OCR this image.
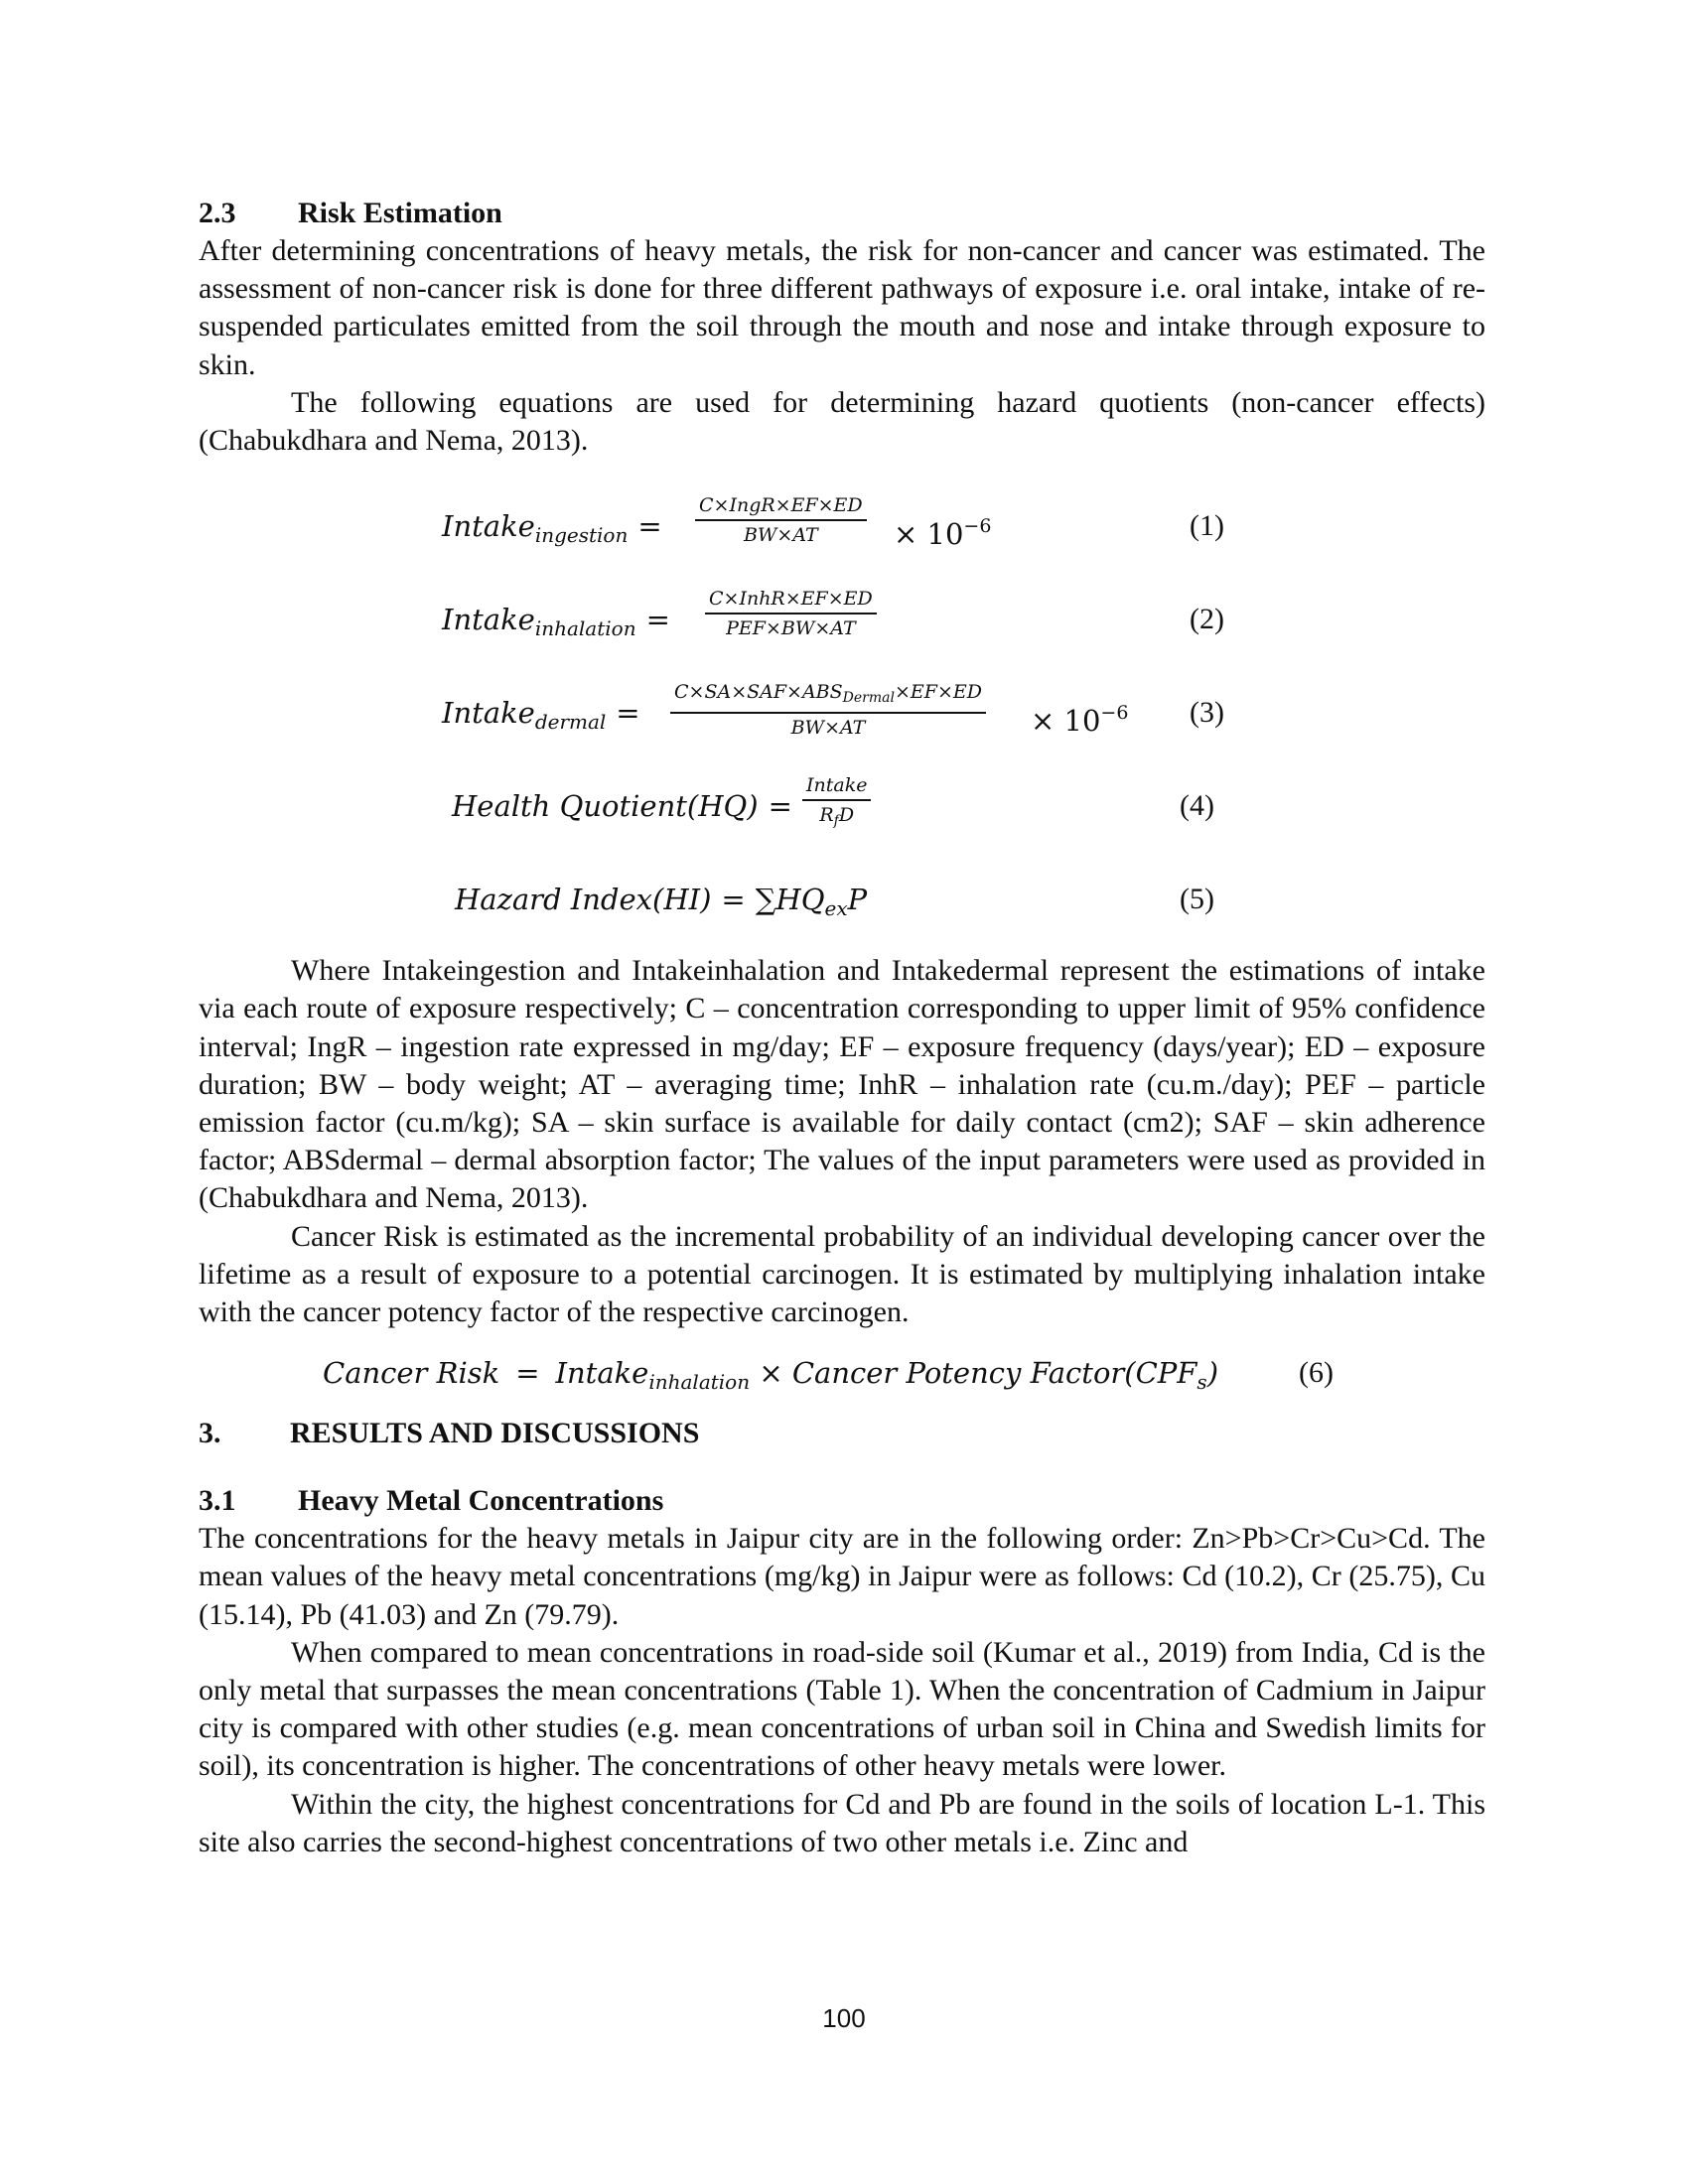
2.3	Risk Estimation

After determining concentrations of heavy metals, the risk for non-cancer and cancer was estimated. The assessment of non-cancer risk is done for three different pathways of exposure i.e. oral intake, intake of re-suspended particulates emitted from the soil through the mouth and nose and intake through exposure to skin.

The following equations are used for determining hazard quotients (non-cancer effects) (Chabukdhara and Nema, 2013).

Intake$_{ingestion}$ =
C×IngR×EF×ED
BW×AT	× $10^{-6}$	(1)
Intake$_{inhalation}$ =
C×InhR×EF×ED
PEF×BW×AT	(2)
Intake$_{dermal}$ =
$C\times SA\times SAF\times ABS_{Dermal}\times EF\times ED$
BW×AT	× $10^{-6}$ (3)
Health Quotient(HQ) =
Intake
$R_fD$	(4)
Hazard Index(HI) = $\sum HQ_{ex}P$	(5)

Where Intakeingestion and Intakeinhalation and Intakedermal represent the estimations of intake via each route of exposure respectively; C – concentration corresponding to upper limit of 95% confidence interval; IngR – ingestion rate expressed in mg/day; EF – exposure frequency (days/year); ED – exposure duration; BW – body weight; AT – averaging time; InhR – inhalation rate (cu.m./day); PEF – particle emission factor (cu.m/kg); SA – skin surface is available for daily contact (cm2); SAF – skin adherence factor; ABSdermal – dermal absorption factor; The values of the input parameters were used as provided in (Chabukdhara and Nema, 2013).

Cancer Risk is estimated as the incremental probability of an individual developing cancer over the lifetime as a result of exposure to a potential carcinogen. It is estimated by multiplying inhalation intake with the cancer potency factor of the respective carcinogen.

Cancer Risk = Intake$_{inhalation}$ × Cancer Potency $Factor(CPF_s)$	(6)
3.	RESULTS AND DISCUSSIONS
3.1	Heavy Metal Concentrations

The concentrations for the heavy metals in Jaipur city are in the following order: Zn>Pb>Cr>Cu>Cd. The mean values of the heavy metal concentrations (mg/kg) in Jaipur were as follows: Cd (10.2), Cr (25.75), Cu (15.14), Pb (41.03) and Zn (79.79).

When compared to mean concentrations in road-side soil (Kumar et al., 2019) from India, Cd is the only metal that surpasses the mean concentrations (Table 1). When the concentration of Cadmium in Jaipur city is compared with other studies (e.g. mean concentrations of urban soil in China and Swedish limits for soil), its concentration is higher. The concentrations of other heavy metals were lower.

Within the city, the highest concentrations for Cd and Pb are found in the soils of location L-1. This site also carries the second-highest concentrations of two other metals i.e. Zinc and

100
